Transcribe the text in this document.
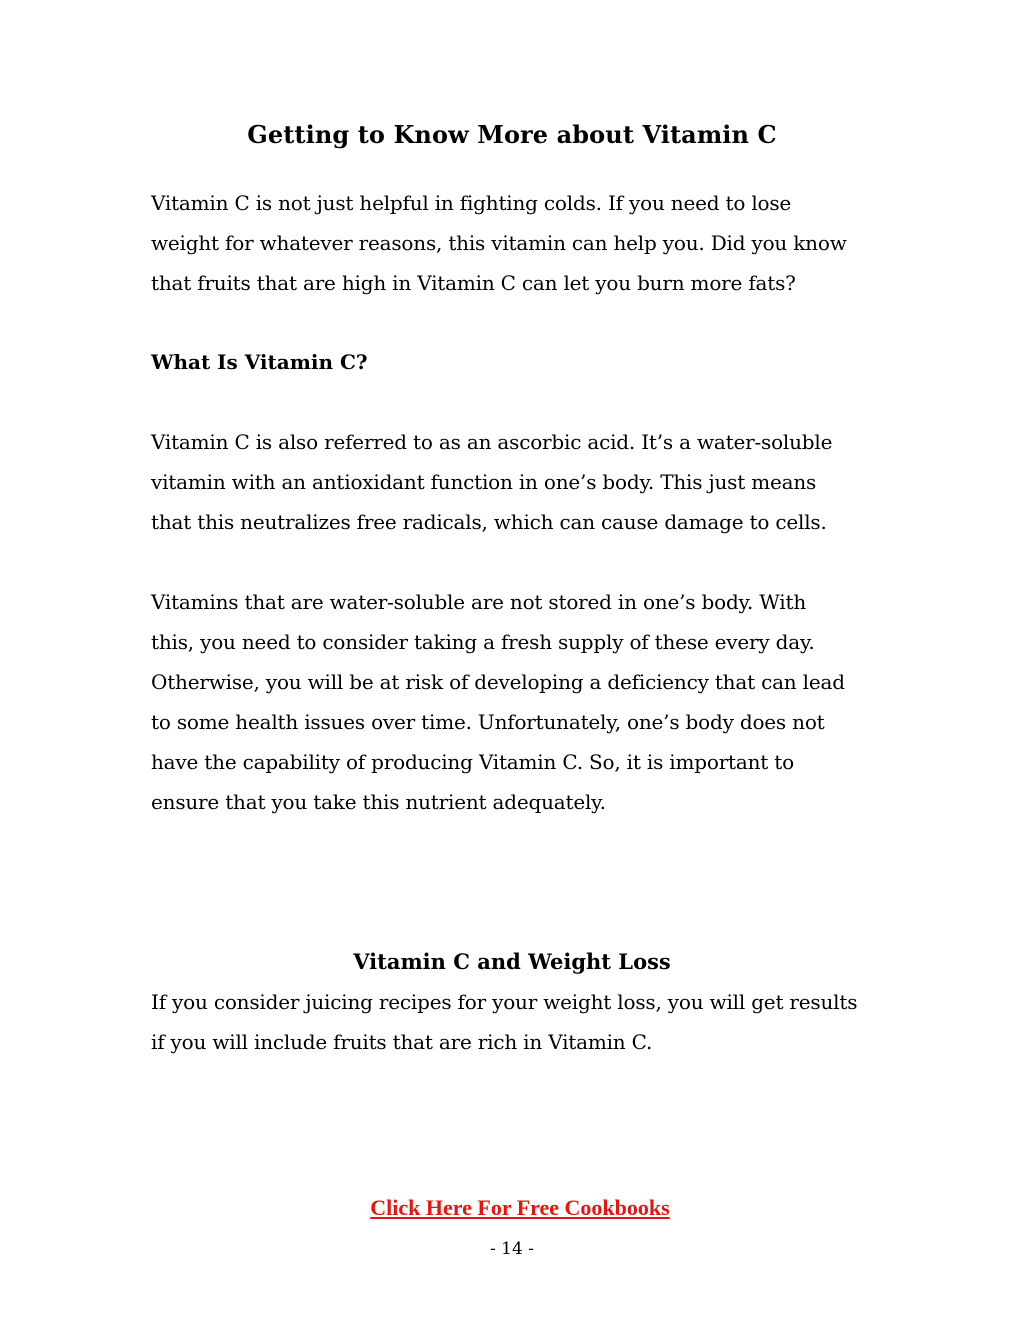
Getting to Know More about Vitamin C

Vitamin C is not just helpful in fighting colds. If you need to lose
weight for whatever reasons, this vitamin can help you. Did you know
that fruits that are high in Vitamin C can let you burn more fats?

What Is Vitamin C?

Vitamin C is also referred to as an ascorbic acid. It’s a water-soluble
vitamin with an antioxidant function in one’s body. This just means
that this neutralizes free radicals, which can cause damage to cells.

Vitamins that are water-soluble are not stored in one’s body. With
this, you need to consider taking a fresh supply of these every day.
Otherwise, you will be at risk of developing a deficiency that can lead
to some health issues over time. Unfortunately, one’s body does not
have the capability of producing Vitamin C. So, it is important to
ensure that you take this nutrient adequately.

Vitamin C and Weight Loss

If you consider juicing recipes for your weight loss, you will get results
if you will include fruits that are rich in Vitamin C.

Click Here For Free Cookbooks
- 14 -
